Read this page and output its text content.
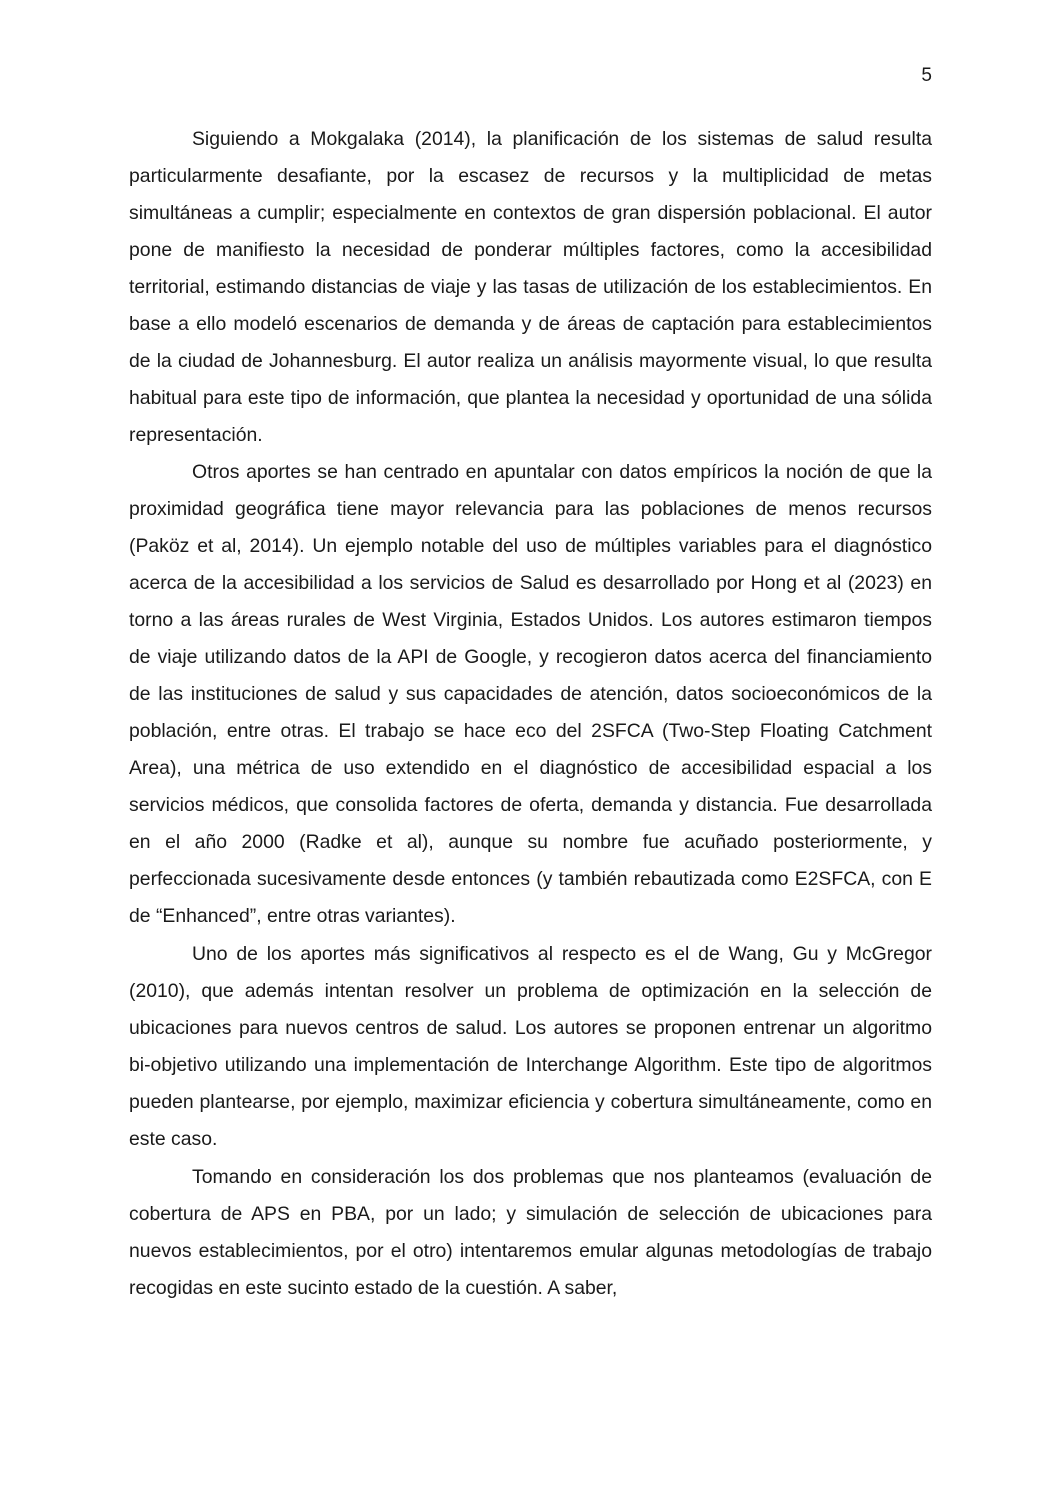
5

Siguiendo a Mokgalaka (2014), la planificación de los sistemas de salud resulta particularmente desafiante, por la escasez de recursos y la multiplicidad de metas simultáneas a cumplir; especialmente en contextos de gran dispersión poblacional. El autor pone de manifiesto la necesidad de ponderar múltiples factores, como la accesibilidad territorial, estimando distancias de viaje y las tasas de utilización de los establecimientos. En base a ello modeló escenarios de demanda y de áreas de captación para establecimientos de la ciudad de Johannesburg. El autor realiza un análisis mayormente visual, lo que resulta habitual para este tipo de información, que plantea la necesidad y oportunidad de una sólida representación.

Otros aportes se han centrado en apuntalar con datos empíricos la noción de que la proximidad geográfica tiene mayor relevancia para las poblaciones de menos recursos (Paköz et al, 2014). Un ejemplo notable del uso de múltiples variables para el diagnóstico acerca de la accesibilidad a los servicios de Salud es desarrollado por Hong et al (2023) en torno a las áreas rurales de West Virginia, Estados Unidos. Los autores estimaron tiempos de viaje utilizando datos de la API de Google, y recogieron datos acerca del financiamiento de las instituciones de salud y sus capacidades de atención, datos socioeconómicos de la población, entre otras. El trabajo se hace eco del 2SFCA (Two-Step Floating Catchment Area), una métrica de uso extendido en el diagnóstico de accesibilidad espacial a los servicios médicos, que consolida factores de oferta, demanda y distancia. Fue desarrollada en el año 2000 (Radke et al), aunque su nombre fue acuñado posteriormente, y perfeccionada sucesivamente desde entonces (y también rebautizada como E2SFCA, con E de “Enhanced”, entre otras variantes).

Uno de los aportes más significativos al respecto es el de Wang, Gu y McGregor (2010), que además intentan resolver un problema de optimización en la selección de ubicaciones para nuevos centros de salud. Los autores se proponen entrenar un algoritmo bi-objetivo utilizando una implementación de Interchange Algorithm. Este tipo de algoritmos pueden plantearse, por ejemplo, maximizar eficiencia y cobertura simultáneamente, como en este caso.

Tomando en consideración los dos problemas que nos planteamos (evaluación de cobertura de APS en PBA, por un lado; y simulación de selección de ubicaciones para nuevos establecimientos, por el otro) intentaremos emular algunas metodologías de trabajo recogidas en este sucinto estado de la cuestión. A saber,
